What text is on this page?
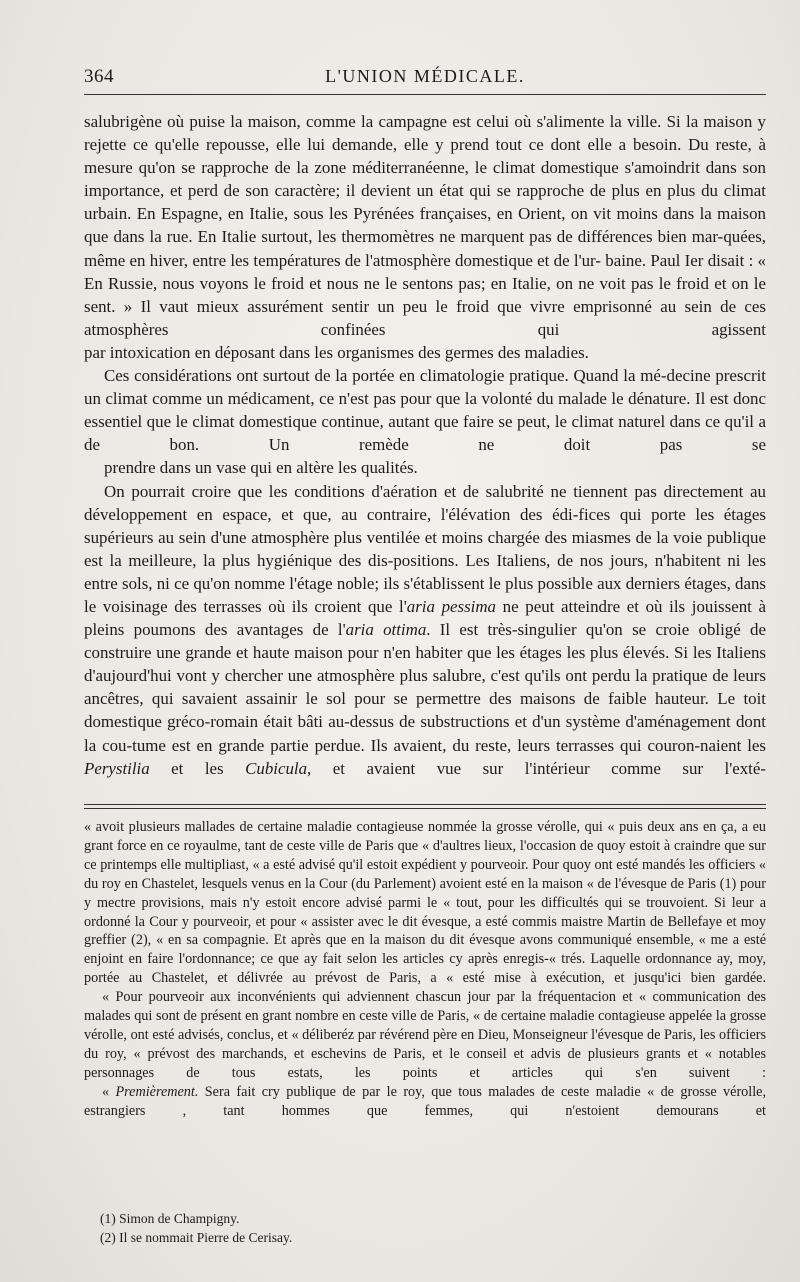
364	L'UNION MÉDICALE.

salubrigène où puise la maison, comme la campagne est celui où s'alimente la ville. Si la maison y rejette ce qu'elle repousse, elle lui demande, elle y prend tout ce dont elle a besoin. Du reste, à mesure qu'on se rapproche de la zone méditerranéenne, le climat domestique s'amoindrit dans son importance, et perd de son caractère; il devient un état qui se rapproche de plus en plus du climat urbain. En Espagne, en Italie, sous les Pyrénées françaises, en Orient, on vit moins dans la maison que dans la rue. En Italie surtout, les thermomètres ne marquent pas de différences bien mar-quées, même en hiver, entre les températures de l'atmosphère domestique et de l'ur- baine. Paul Ier disait : « En Russie, nous voyons le froid et nous ne le sentons pas; en Italie, on ne voit pas le froid et on le sent. » Il vaut mieux assurément sentir un peu le froid que vivre emprisonné au sein de ces atmosphères confinées qui agissent
par intoxication en déposant dans les organismes des germes des maladies.

Ces considérations ont surtout de la portée en climatologie pratique. Quand la mé-decine prescrit un climat comme un médicament, ce n'est pas pour que la volonté du malade le dénature. Il est donc essentiel que le climat domestique continue, autant que faire se peut, le climat naturel dans ce qu'il a de bon. Un remède ne doit pas se
prendre dans un vase qui en altère les qualités.

On pourrait croire que les conditions d'aération et de salubrité ne tiennent pas directement au développement en espace, et que, au contraire, l'élévation des édi-fices qui porte les étages supérieurs au sein d'une atmosphère plus ventilée et moins chargée des miasmes de la voie publique est la meilleure, la plus hygiénique des dis-positions. Les Italiens, de nos jours, n'habitent ni les entre sols, ni ce qu'on nomme l'étage noble; ils s'établissent le plus possible aux derniers étages, dans le voisinage des terrasses où ils croient que l'aria pessima ne peut atteindre et où ils jouissent à pleins poumons des avantages de l'aria ottima. Il est très-singulier qu'on se croie obligé de construire une grande et haute maison pour n'en habiter que les étages les plus élevés. Si les Italiens d'aujourd'hui vont y chercher une atmosphère plus salubre, c'est qu'ils ont perdu la pratique de leurs ancêtres, qui savaient assainir le sol pour se permettre des maisons de faible hauteur. Le toit domestique gréco-romain était bâti au-dessus de substructions et d'un système d'aménagement dont la cou-tume est en grande partie perdue. Ils avaient, du reste, leurs terrasses qui couron-naient les Perystilia et les Cubicula, et avaient vue sur l'intérieur comme sur l'exté-

« avoit plusieurs mallades de certaine maladie contagieuse nommée la grosse vérolle, qui « puis deux ans en ça, a eu grant force en ce royaulme, tant de ceste ville de Paris que « d'aultres lieux, l'occasion de quoy estoit à craindre que sur ce printemps elle multipliast, « a esté advisé qu'il estoit expédient y pourveoir. Pour quoy ont esté mandés les officiers « du roy en Chastelet, lesquels venus en la Cour (du Parlement) avoient esté en la maison « de l'évesque de Paris (1) pour y mectre provisions, mais n'y estoit encore advisé parmi le « tout, pour les difficultés qui se trouvoient. Si leur a ordonné la Cour y pourveoir, et pour « assister avec le dit évesque, a esté commis maistre Martin de Bellefaye et moy greffier (2), « en sa compagnie. Et après que en la maison du dit évesque avons communiqué ensemble, « me a esté enjoint en faire l'ordonnance; ce que ay fait selon les articles cy après enregis-« trés. Laquelle ordonnance ay, moy, portée au Chastelet, et délivrée au prévost de Paris, a « esté mise à exécution, et jusqu'ici bien gardée.

« Pour pourveoir aux inconvénients qui adviennent chascun jour par la fréquentacion et « communication des malades qui sont de présent en grant nombre en ceste ville de Paris, « de certaine maladie contagieuse appelée la grosse vérolle, ont esté advisés, conclus, et « déliberéz par révérend père en Dieu, Monseigneur l'évesque de Paris, les officiers du roy, « prévost des marchands, et eschevins de Paris, et le conseil et advis de plusieurs grants et « notables personnages de tous estats, les points et articles qui s'en suivent :

« Premièrement. Sera fait cry publique de par le roy, que tous malades de ceste maladie « de grosse vérolle, estrangiers , tant hommes que femmes, qui n'estoient demourans et

(1) Simon de Champigny.
(2) Il se nommait Pierre de Cerisay.
